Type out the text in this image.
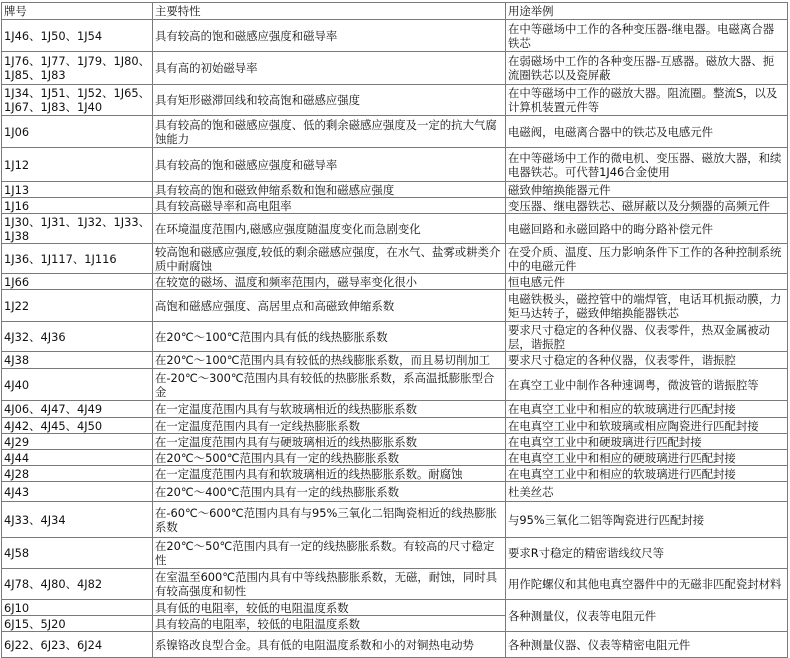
牌号	主要特性	用途举例
1J46、1J50、1J54	具有较高的饱和磁感应强度和磁导率	在中等磁场中工作的各种变压器-继电器。电磁离合器铁芯
1J76、1J77、1J79、1J80、1J85、1J83	具有高的初始磁导率	在弱磁场中工作的各种变压器-互感器。磁放大器、扼流圈铁芯以及瓷屏蔽
1J34、1J51、1J52、1J65、1J67、1J83、1J40	具有矩形磁滞回线和较高饱和磁感应强度	在中等磁场中工作的磁放大器。阻流圈。整流S，以及计算机装置元件等
1J06	具有较高的饱和磁感应强度、低的剩余磁感应强度及一定的抗大气腐蚀能力	电磁阀，电磁离合器中的铁芯及电感元件
1J12	具有较高的饱和磁感应强度和磁导率	在中等磁场中工作的微电机、变压器、磁放大器，和续电器铁芯。可代替1J46合金使用
1J13	具有较高的饱和磁致伸缩系数和饱和磁感应强度	磁致伸缩换能器元件
1J16	具有较高磁导率和高电阻率	变压器、继电器铁芯、磁屏蔽以及分频器的高频元件
1J30、1J31、1J32、1J33、1J38	在环境温度范围内,磁感应强度随温度变化而急剧变化	电磁回路和永磁回路中的晦分路补偿元件
1J36、1J117、1J116	较高饱和磁感应强度,较低的剩余磁感应强度，在水气、盐雾或耕类介质中耐腐蚀	在受介质、温度、压力影响条件下工作的各种控制系统中的电磁元件
1J66	在较宽的磁场、温度和频率范围内，磁导率变化很小	恒电感元件
1J22	高饱和磁感应强度、高居里点和高磁致伸缩系数	电磁铁极头，磁控管中的端焊管，电话耳机振动膜，力矩马达转子，磁致伸缩换能器铁芯
4J32、4J36	在20℃～100℃范围内具有低的线热膨胀系数	要求尺寸稳定的各种仪器、仪表零件，热双金属被动层，谐振腔
4J38	在20℃～100℃范围内具有较低的热线膨胀系数，而且易切削加工	要求尺寸稳定的各种仪器，仪表零件，谐振腔
4J40	在-20℃～300℃范围内具有较低的热膨胀系数，系高温抵膨胀型合金	在真空工业中制作各种速调粤，微波管的谐振腔等
4J06、4J47、4J49	在一定温度范围内具有与软玻璃相近的线热膨胀系数	在电真空工业中和相应的软玻璃进行匹配封接
4J42、4J45、4J50	在一定温度范围内具有一定线热膨胀系数	在电真空工业中和软玻璃或相应陶瓷进行匹配封接
4J29	在一定温度范围内具有与硬玻璃相近的线热膨胀系数	在电真空工业中和硬玻璃进行匹配封接
4J44	在20℃～500℃范围内具有一定的线热膨胀系数	在电真空工业中和相应的硬玻璃进行匹配封接
4J28	在一定温度范围内具有和软玻璃相近的线热膨胀系数。耐腐蚀	在电真空工业中和相应的软玻璃进行匹配封接
4J43	在20℃～400℃范围内具有一定的线热膨胀系数	杜美丝芯
4J33、4J34	在-60℃～600℃范围内具有与95%三氧化二铝陶瓷相近的线热膨胀系数	与95%三氧化二铝等陶瓷进行匹配封接
4J58	在20℃～50℃范围内具有一定的线热膨胀系数。有较高的尺寸稳定性	要求R寸稳定的精密谐线纹尺等
4J78、4J80、4J82	在室温至600℃范围内具有中等线热膨胀系数，无磁，耐蚀，同时具有较高强度和韧性	用作陀螺仪和其他电真空器件中的无磁非匹配瓷封材料
6J10	具有低的电阻率，较低的电阻温度系数	各种测量仪，仪表等电阻元件
6J15、5J20	具有较高的电阻率，较低的电阻温度系数	
6J22、6J23、6J24	系镍铬改良型合金。具有低的电阻温度系数和小的对铜热电动势	各种测量仪器、仪表等精密电阻元件
